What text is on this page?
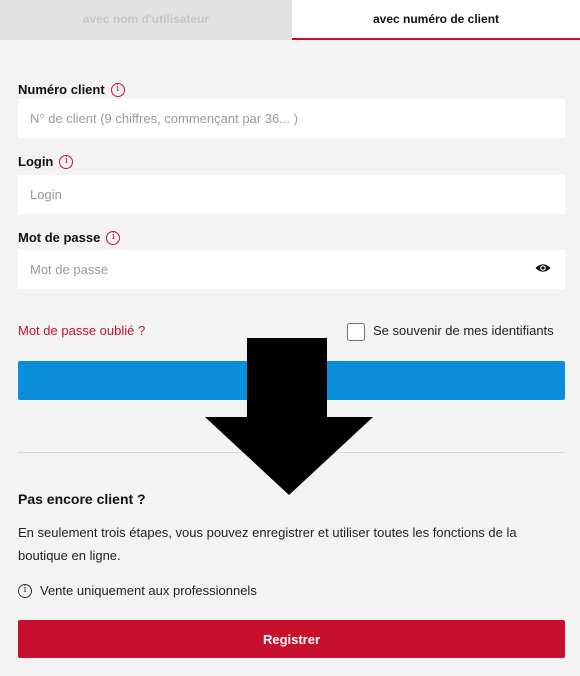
avec nom d'utilisateur	avec numéro de client
Numéro client	i
N° de client (9 chiffres, commençant par 36... )
Login	i
Login
Mot de passe	i
Mot de passe oublié ?	Se souvenir de mes identifiants
Pas encore client ?
En seulement trois étapes, vous pouvez enregistrer et utiliser toutes les fonctions de la boutique en ligne.
i	Vente uniquement aux professionnels
Registrer
